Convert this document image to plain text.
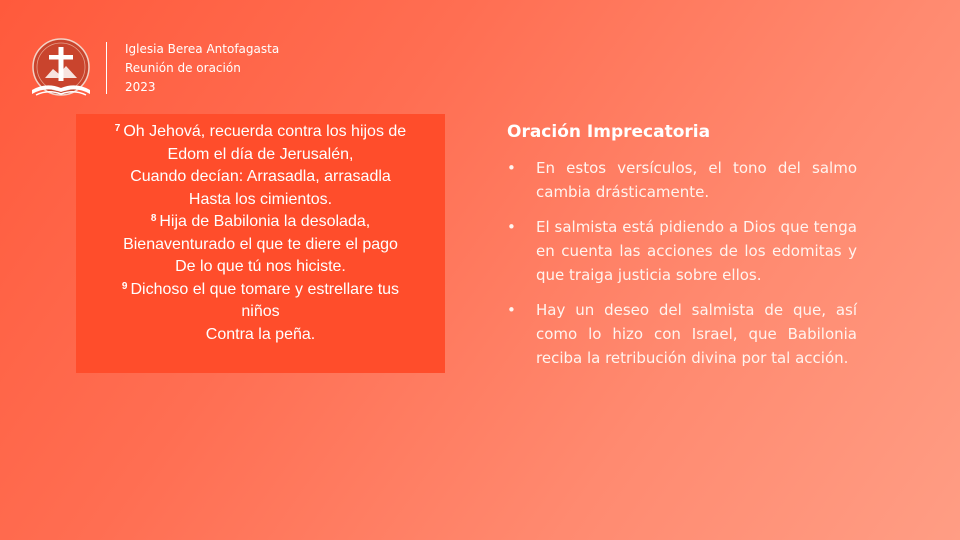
Iglesia Berea Antofagasta
Reunión de oración
2023
$^7$ Oh Jehová, recuerda contra los hijos de
Edom el día de Jerusalén,
Cuando decían: Arrasadla, arrasadla
Hasta los cimientos.
$^8$ Hija de Babilonia la desolada,
Bienaventurado el que te diere el pago
De lo que tú nos hiciste.
$^9$ Dichoso el que tomare y estrellare tus
niños
Contra la peña.
Oración Imprecatoria
• En estos versículos, el tono del salmo cambia drásticamente.
• El salmista está pidiendo a Dios que tenga en cuenta las acciones de los edomitas y que traiga justicia sobre ellos.
• Hay un deseo del salmista de que, así como lo hizo con Israel, que Babilonia reciba la retribución divina por tal acción.
